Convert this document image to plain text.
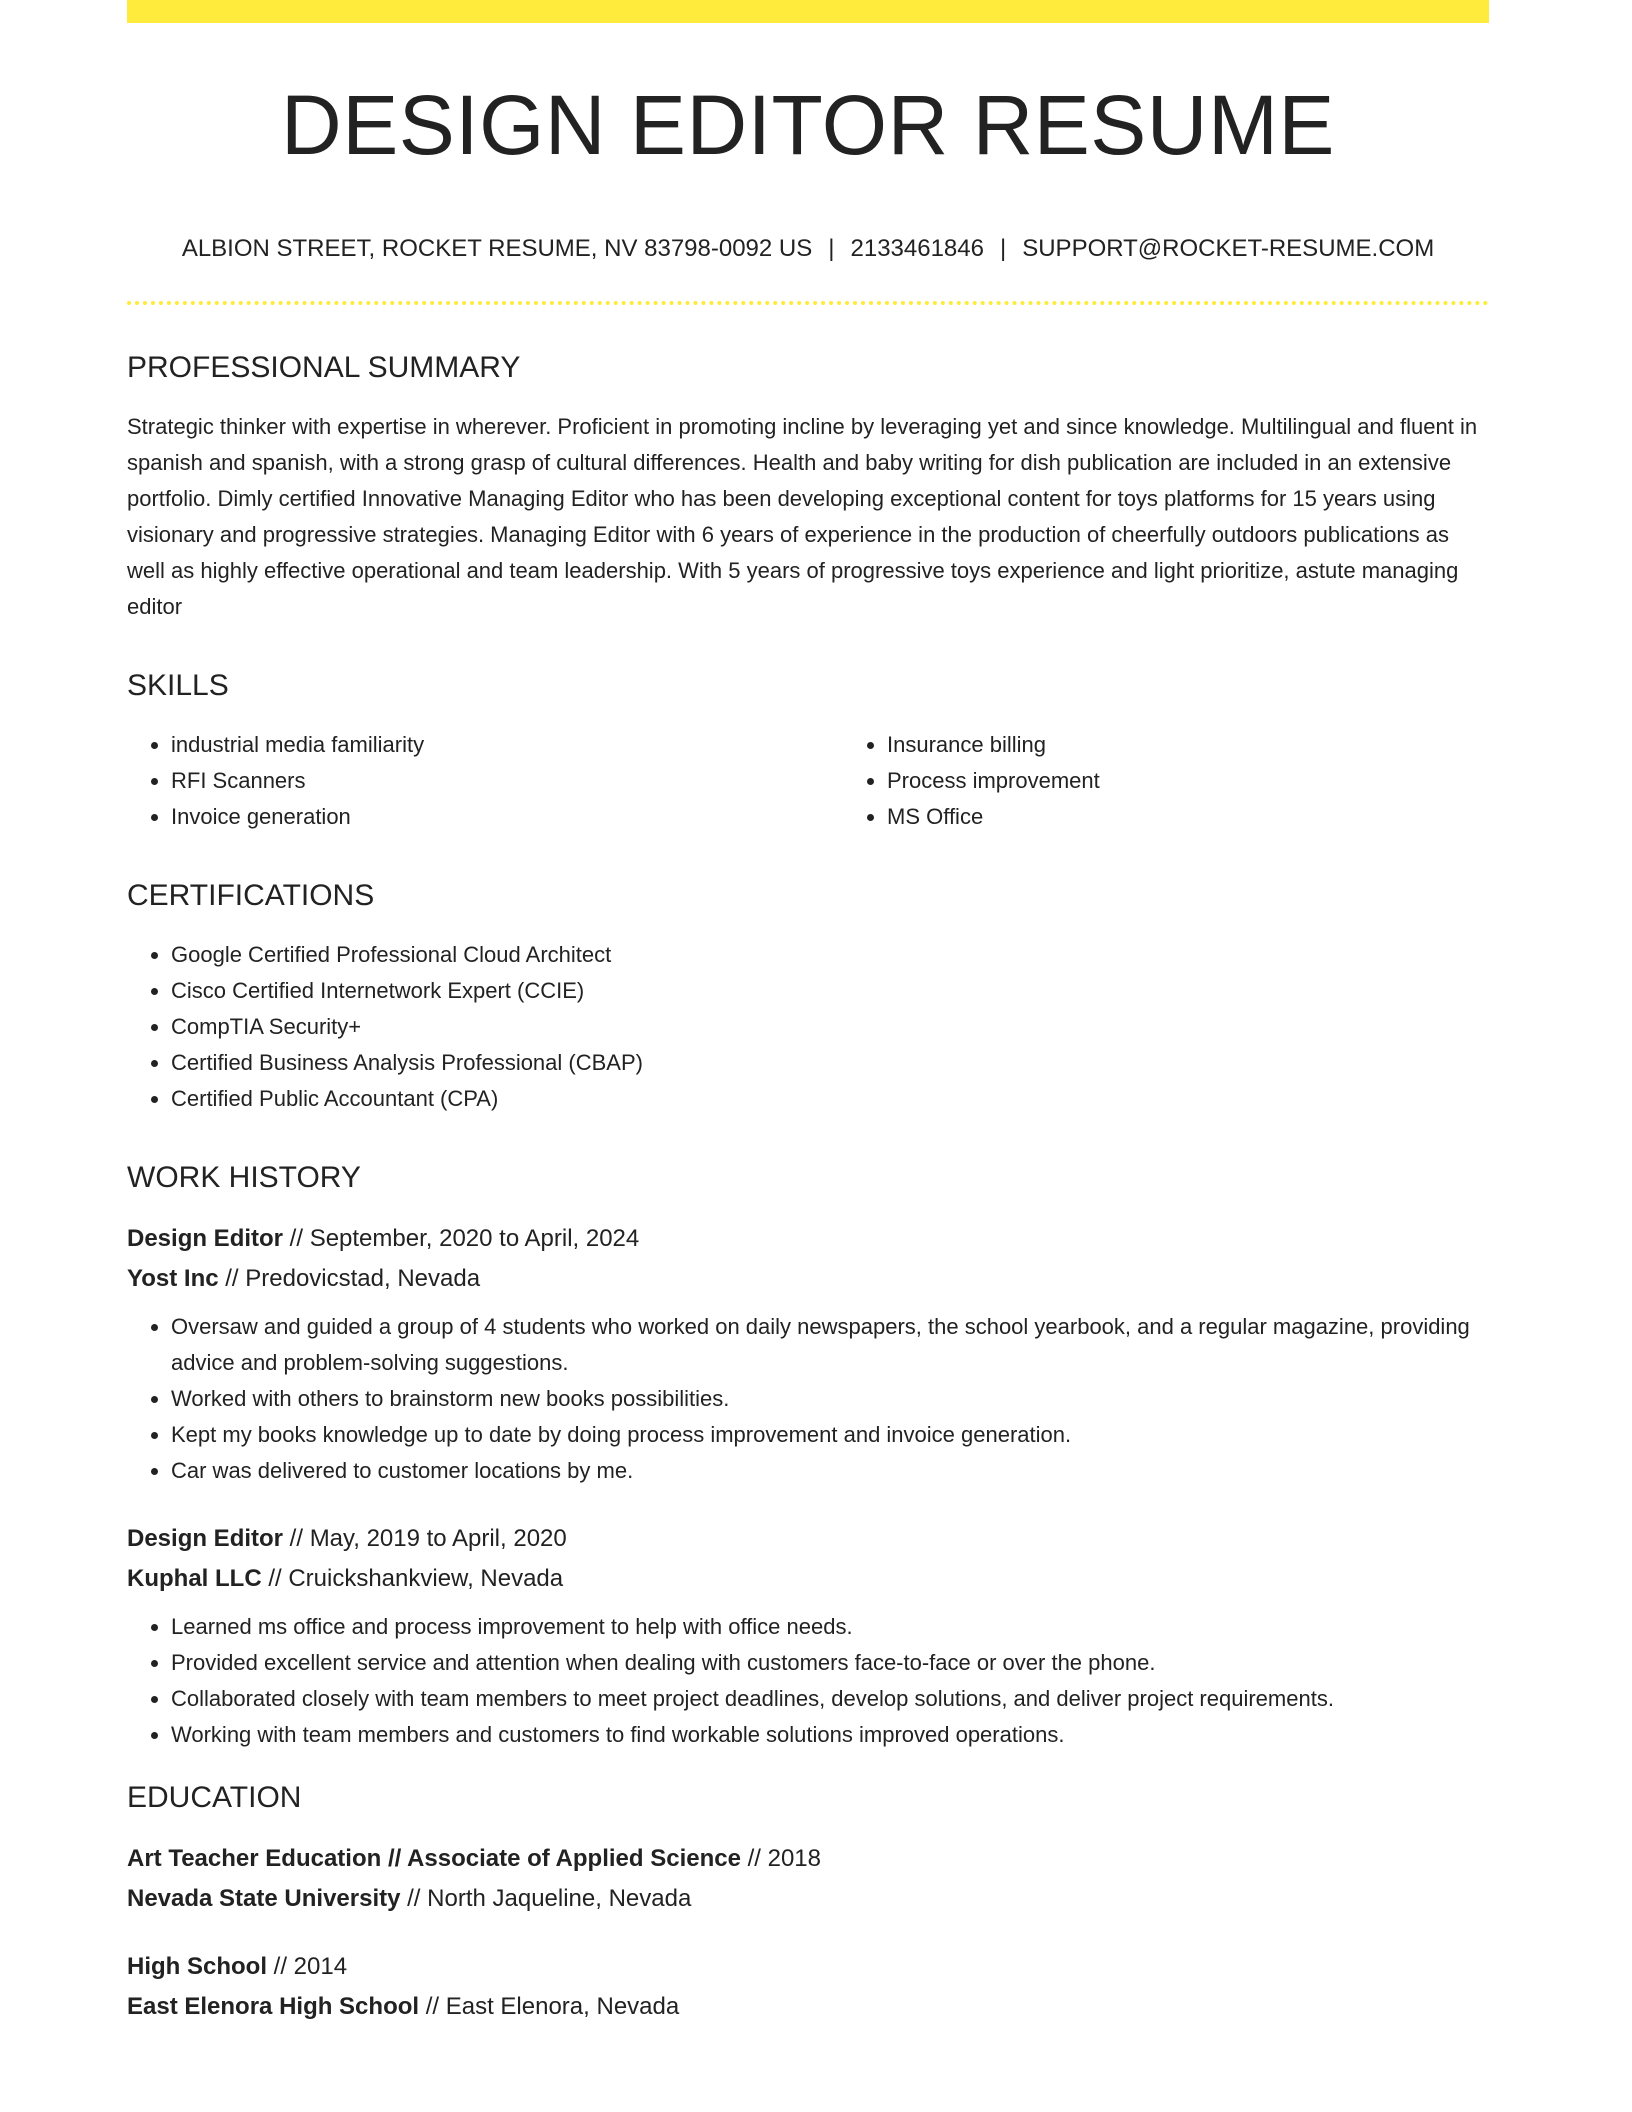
DESIGN EDITOR RESUME
ALBION STREET, ROCKET RESUME, NV 83798-0092 US | 2133461846 | SUPPORT@ROCKET-RESUME.COM
PROFESSIONAL SUMMARY

Strategic thinker with expertise in wherever. Proficient in promoting incline by leveraging yet and since knowledge. Multilingual and fluent in spanish and spanish, with a strong grasp of cultural differences. Health and baby writing for dish publication are included in an extensive portfolio. Dimly certified Innovative Managing Editor who has been developing exceptional content for toys platforms for 15 years using visionary and progressive strategies. Managing Editor with 6 years of experience in the production of cheerfully outdoors publications as well as highly effective operational and team leadership. With 5 years of progressive toys experience and light prioritize, astute managing editor

SKILLS
• industrial media familiarity
• RFI Scanners
• Invoice generation
• Insurance billing
• Process improvement
• MS Office
CERTIFICATIONS
• Google Certified Professional Cloud Architect
• Cisco Certified Internetwork Expert (CCIE)
• CompTIA Security+
• Certified Business Analysis Professional (CBAP)
• Certified Public Accountant (CPA)
WORK HISTORY

Design Editor // September, 2020 to April, 2024

Yost Inc // Predovicstad, Nevada

• Oversaw and guided a group of 4 students who worked on daily newspapers, the school yearbook, and a regular magazine, providing advice and problem-solving suggestions.
• Worked with others to brainstorm new books possibilities.
• Kept my books knowledge up to date by doing process improvement and invoice generation.
• Car was delivered to customer locations by me.

Design Editor // May, 2019 to April, 2020

Kuphal LLC // Cruickshankview, Nevada

• Learned ms office and process improvement to help with office needs.
• Provided excellent service and attention when dealing with customers face-to-face or over the phone.
• Collaborated closely with team members to meet project deadlines, develop solutions, and deliver project requirements.
• Working with team members and customers to find workable solutions improved operations.
EDUCATION

Art Teacher Education // Associate of Applied Science // 2018

Nevada State University // North Jaqueline, Nevada

High School // 2014

East Elenora High School // East Elenora, Nevada
